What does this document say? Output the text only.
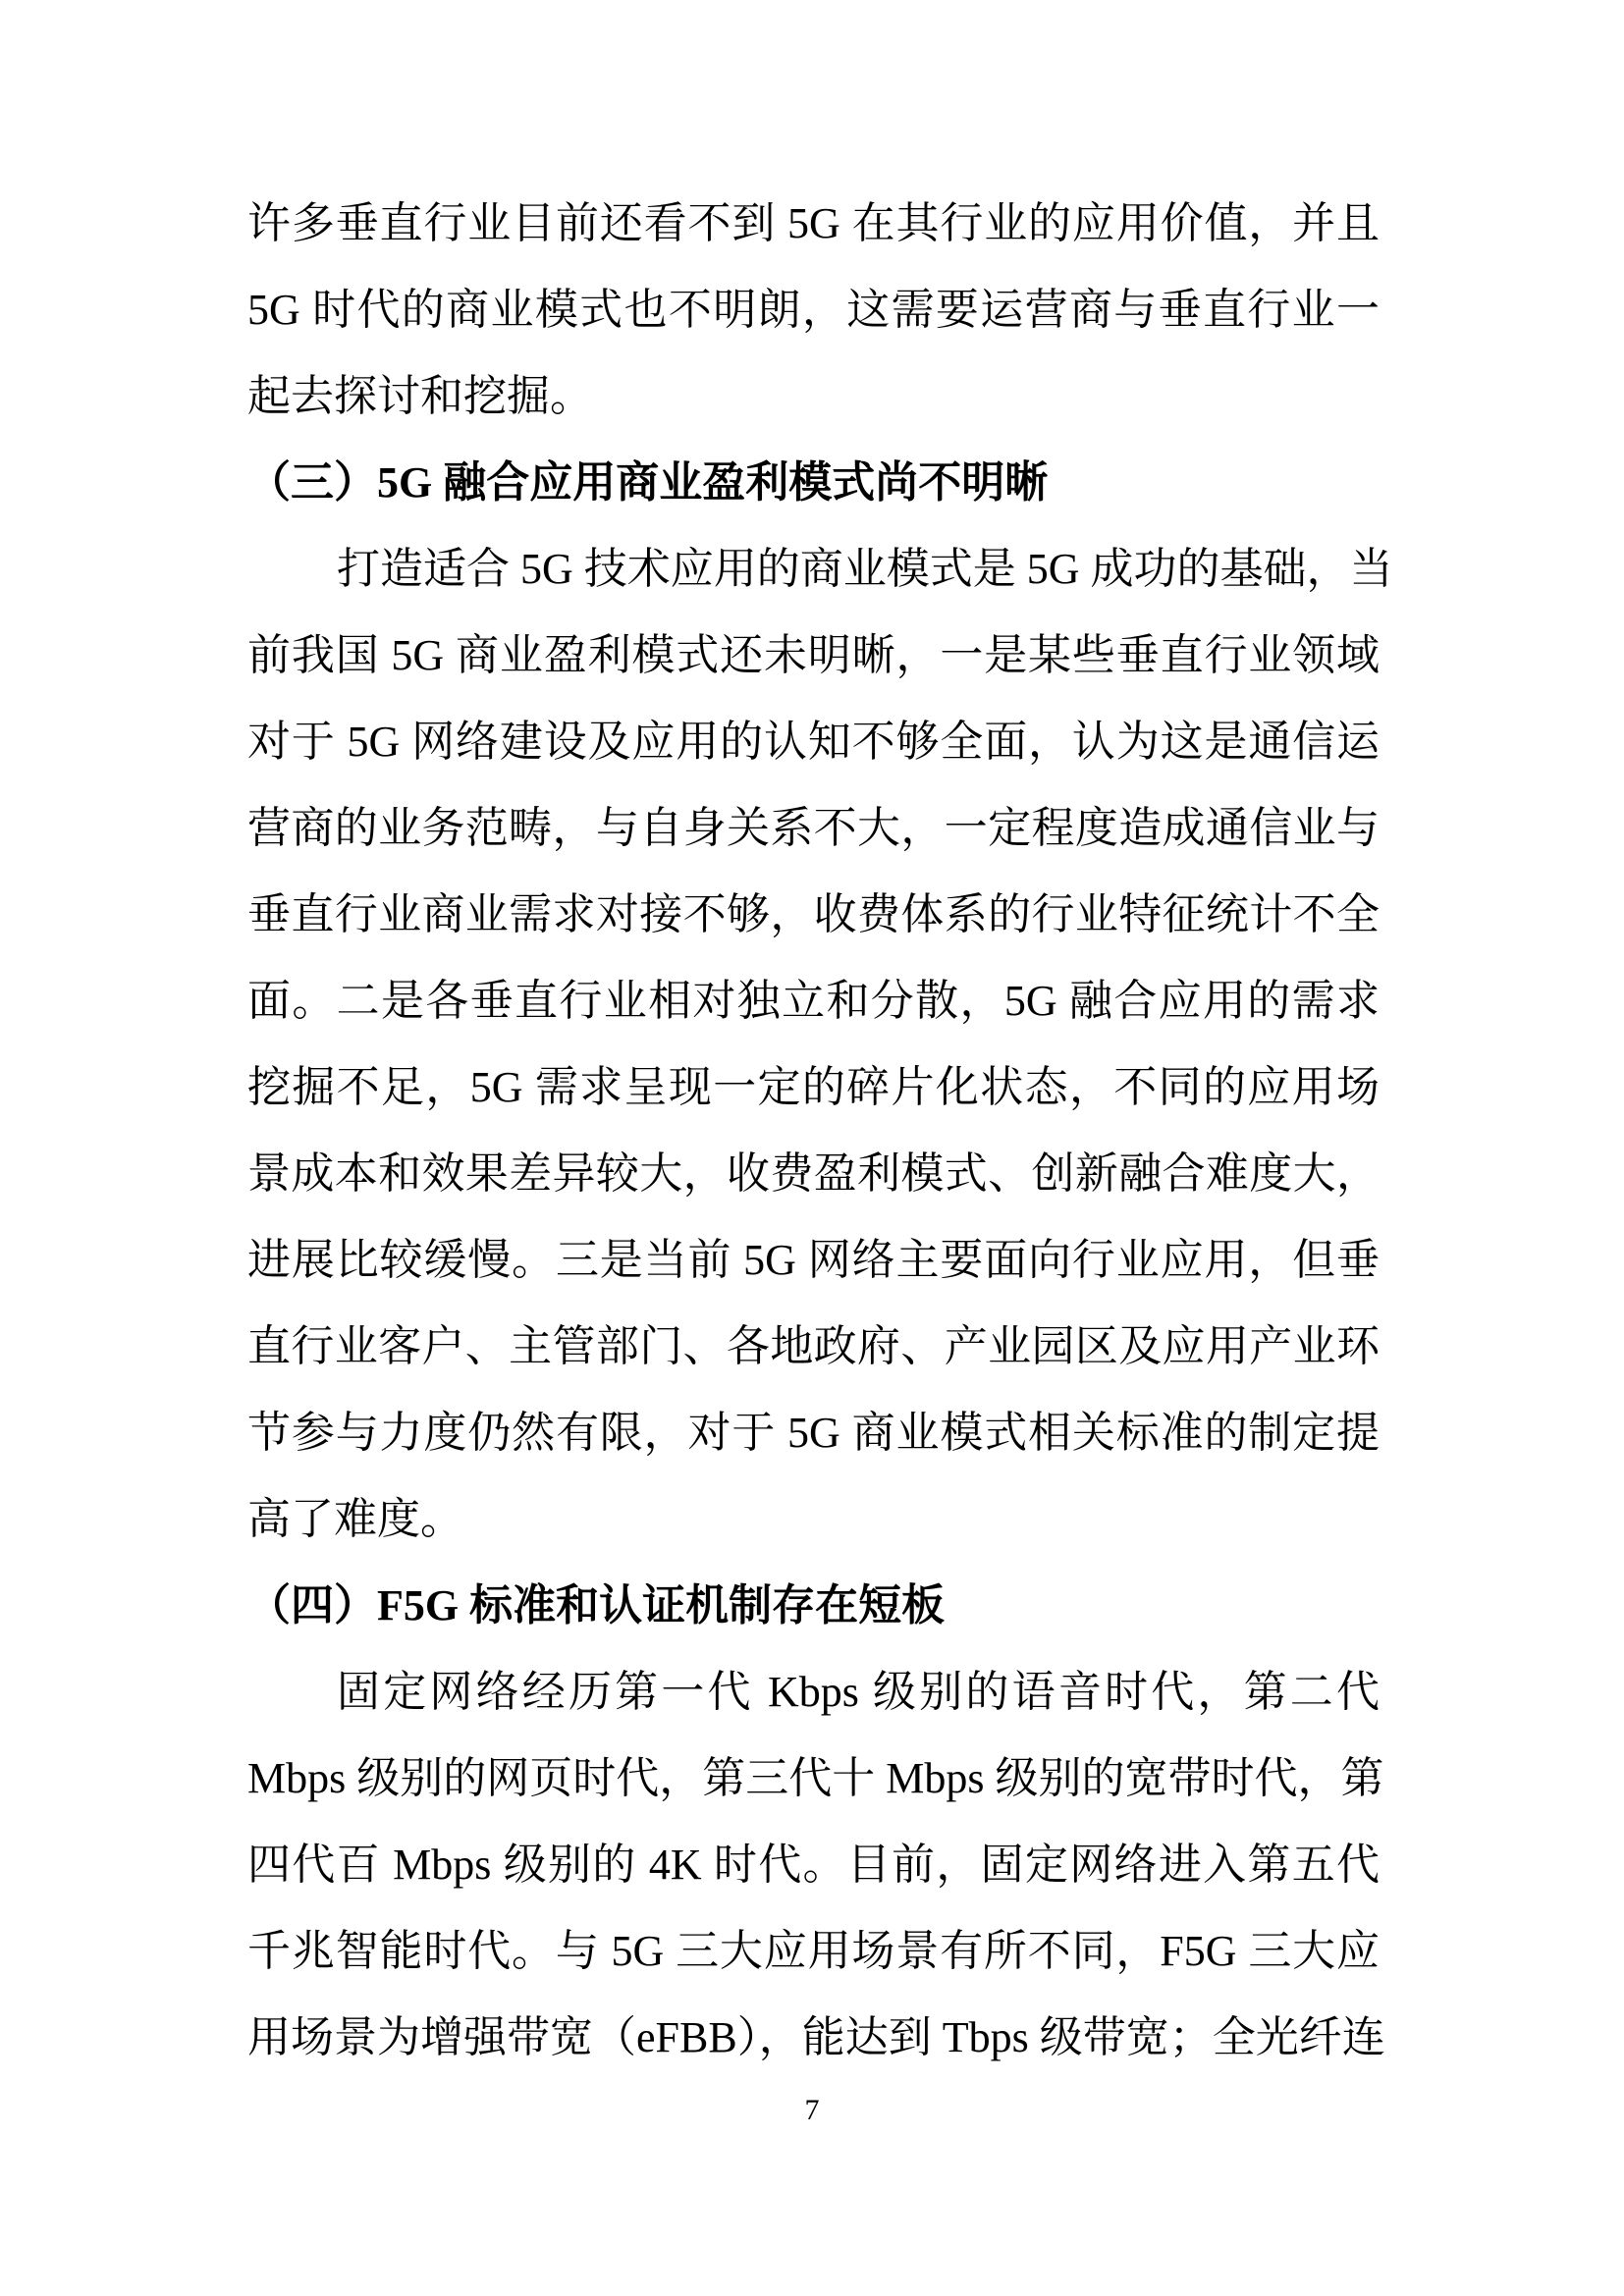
许多垂直行业目前还看不到 5G 在其行业的应用价值，并且
5G 时代的商业模式也不明朗，这需要运营商与垂直行业一
起去探讨和挖掘。
（三）5G 融合应用商业盈利模式尚不明晰
打造适合 5G 技术应用的商业模式是 5G 成功的基础，当
前我国 5G 商业盈利模式还未明晰，一是某些垂直行业领域
对于 5G 网络建设及应用的认知不够全面，认为这是通信运
营商的业务范畴，与自身关系不大，一定程度造成通信业与
垂直行业商业需求对接不够，收费体系的行业特征统计不全
面。二是各垂直行业相对独立和分散，5G 融合应用的需求
挖掘不足，5G 需求呈现一定的碎片化状态，不同的应用场
景成本和效果差异较大，收费盈利模式、创新融合难度大，
进展比较缓慢。三是当前 5G 网络主要面向行业应用，但垂
直行业客户、主管部门、各地政府、产业园区及应用产业环
节参与力度仍然有限，对于 5G 商业模式相关标准的制定提
高了难度。
（四）F5G 标准和认证机制存在短板
固定网络经历第一代 Kbps 级别的语音时代，第二代
Mbps 级别的网页时代，第三代十 Mbps 级别的宽带时代，第
四代百 Mbps 级别的 4K 时代。目前，固定网络进入第五代
千兆智能时代。与 5G 三大应用场景有所不同，F5G 三大应
用场景为增强带宽（eFBB），能达到 Tbps 级带宽；全光纤连
7
